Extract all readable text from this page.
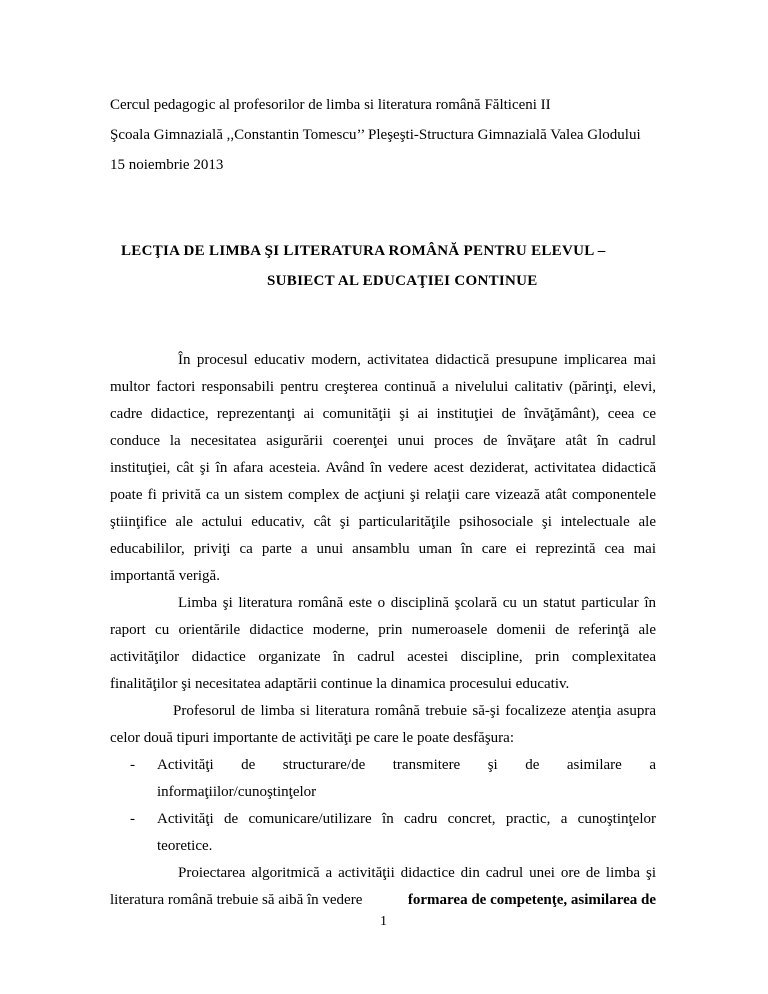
Cercul pedagogic al profesorilor de limba si literatura română Fălticeni II
Şcoala Gimnazială ,,Constantin Tomescu’’ Pleşeşti-Structura Gimnazială Valea Glodului
15 noiembrie 2013
LECŢIA DE LIMBA ŞI LITERATURA ROMÂNĂ PENTRU ELEVUL –
SUBIECT AL EDUCAŢIEI CONTINUE
În procesul educativ modern, activitatea didactică presupune implicarea mai
multor factori responsabili pentru creşterea continuă a nivelului calitativ (părinţi, elevi,
cadre didactice, reprezentanţi ai comunităţii şi ai instituţiei de învăţământ), ceea ce
conduce la necesitatea asigurării coerenţei unui proces de învăţare atât în cadrul
instituţiei, cât şi în afara acesteia. Având în vedere acest deziderat, activitatea didactică
poate fi privită ca un sistem complex de acţiuni şi relaţii care vizează atât componentele
ştiinţifice ale actului educativ, cât şi particularităţile psihosociale şi intelectuale ale
educabililor, priviţi ca parte a unui ansamblu uman în care ei reprezintă cea mai
importantă verigă.
Limba şi literatura română este o disciplină şcolară cu un statut particular în
raport cu orientările didactice moderne, prin numeroasele domenii de referinţă ale
activităţilor didactice organizate în cadrul acestei discipline, prin complexitatea
finalităţilor şi necesitatea adaptării continue la dinamica procesului educativ.
Profesorul de limba si literatura română trebuie să-şi focalizeze atenţia asupra
celor două tipuri importante de activităţi pe care le poate desfăşura:
- Activităţi      de      structurare/de      transmitere      şi      de      asimilare      a
informaţiilor/cunoştinţelor
- Activităţi de comunicare/utilizare în cadru concret, practic, a cunoştinţelor
teoretice.
Proiectarea algoritmică a activităţii didactice din cadrul unei ore de limba şi
literatura română trebuie să aibă în vedere	formarea de competenţe, asimilarea de
1
